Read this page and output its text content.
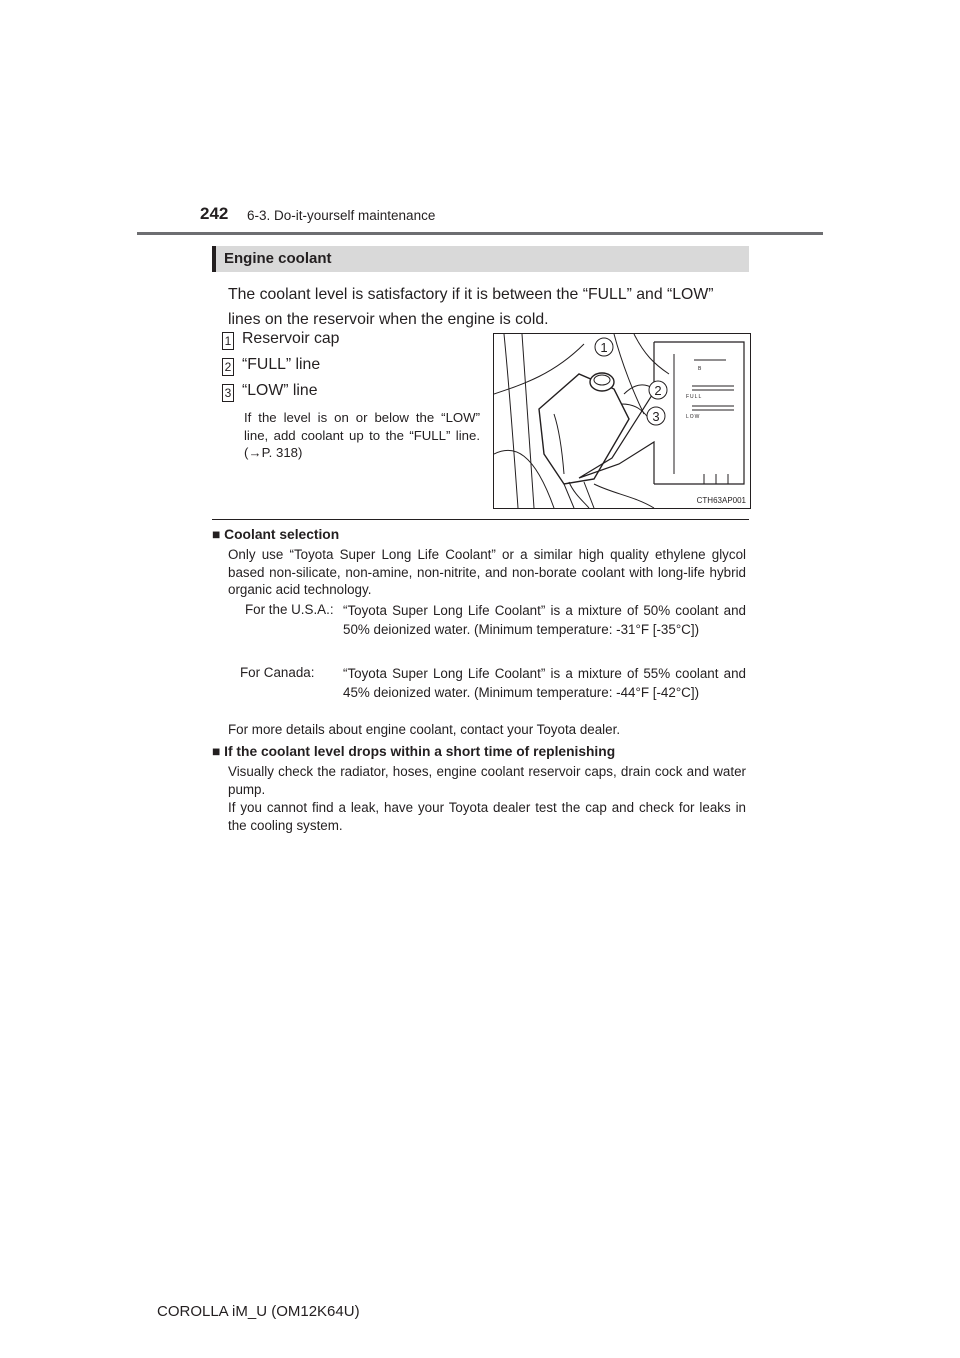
242 6-3. Do-it-yourself maintenance
Engine coolant
The coolant level is satisfactory if it is between the “FULL” and “LOW” lines on the reservoir when the engine is cold.
1 Reservoir cap
2 “FULL” line
3 “LOW” line
If the level is on or below the “LOW” line, add coolant up to the “FULL” line. (→P. 318)
1
2
3
B
FULL
LOW
CTH63AP001
■ Coolant selection
Only use “Toyota Super Long Life Coolant” or a similar high quality ethylene glycol based non-silicate, non-amine, non-nitrite, and non-borate coolant with long-life hybrid organic acid technology.
For the U.S.A.: “Toyota Super Long Life Coolant” is a mixture of 50% coolant and 50% deionized water. (Minimum temperature: -31°F [-35°C])
For Canada: “Toyota Super Long Life Coolant” is a mixture of 55% coolant and 45% deionized water. (Minimum temperature: -44°F [-42°C])
For more details about engine coolant, contact your Toyota dealer.
■ If the coolant level drops within a short time of replenishing
Visually check the radiator, hoses, engine coolant reservoir caps, drain cock and water pump.
If you cannot find a leak, have your Toyota dealer test the cap and check for leaks in the cooling system.
COROLLA iM_U (OM12K64U)
